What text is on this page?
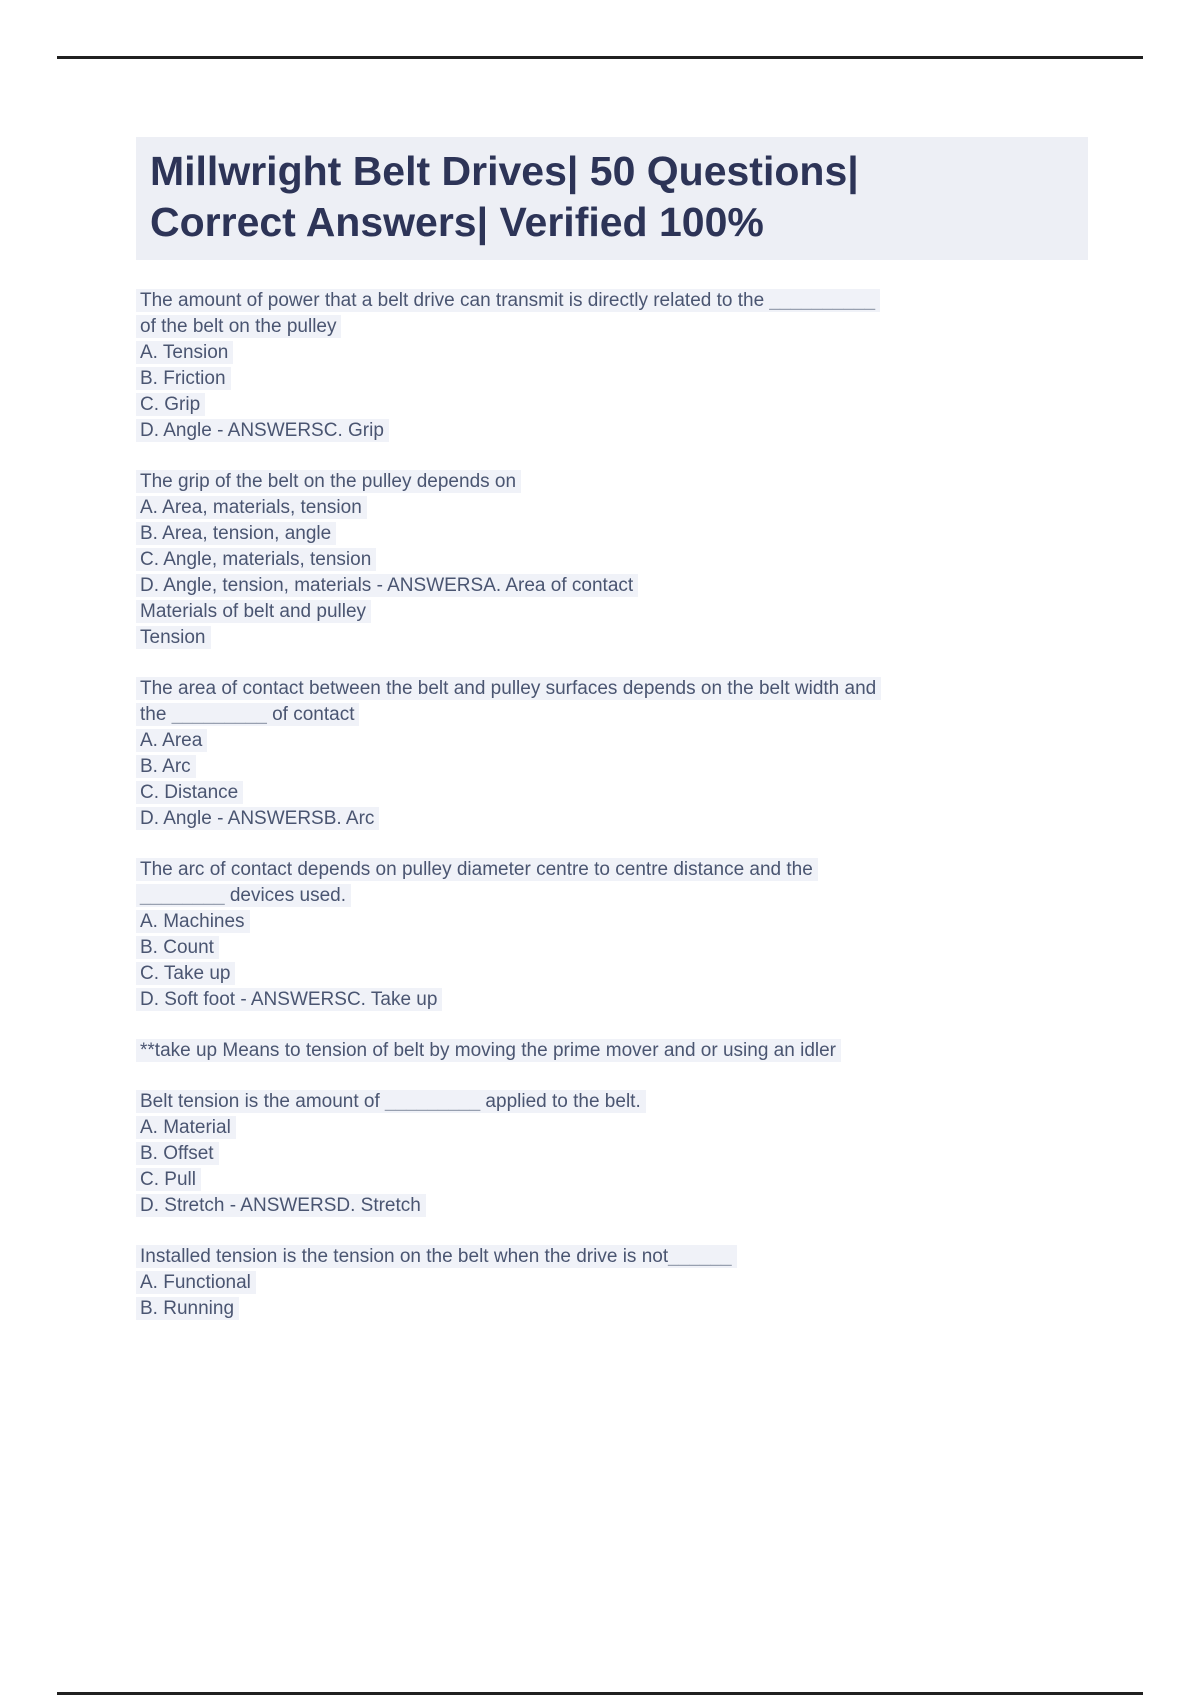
Millwright Belt Drives| 50 Questions|
Correct Answers| Verified 100%
The amount of power that a belt drive can transmit is directly related to the __________
of the belt on the pulley
A. Tension
B. Friction
C. Grip
D. Angle - ANSWERSC. Grip
The grip of the belt on the pulley depends on
A. Area, materials, tension
B. Area, tension, angle
C. Angle, materials, tension
D. Angle, tension, materials - ANSWERSA. Area of contact
Materials of belt and pulley
Tension
The area of contact between the belt and pulley surfaces depends on the belt width and
the _________ of contact
A. Area
B. Arc
C. Distance
D. Angle - ANSWERSB. Arc
The arc of contact depends on pulley diameter centre to centre distance and the
________ devices used.
A. Machines
B. Count
C. Take up
D. Soft foot - ANSWERSC. Take up
**take up Means to tension of belt by moving the prime mover and or using an idler
Belt tension is the amount of _________ applied to the belt.
A. Material
B. Offset
C. Pull
D. Stretch - ANSWERSD. Stretch
Installed tension is the tension on the belt when the drive is not______
A. Functional
B. Running
